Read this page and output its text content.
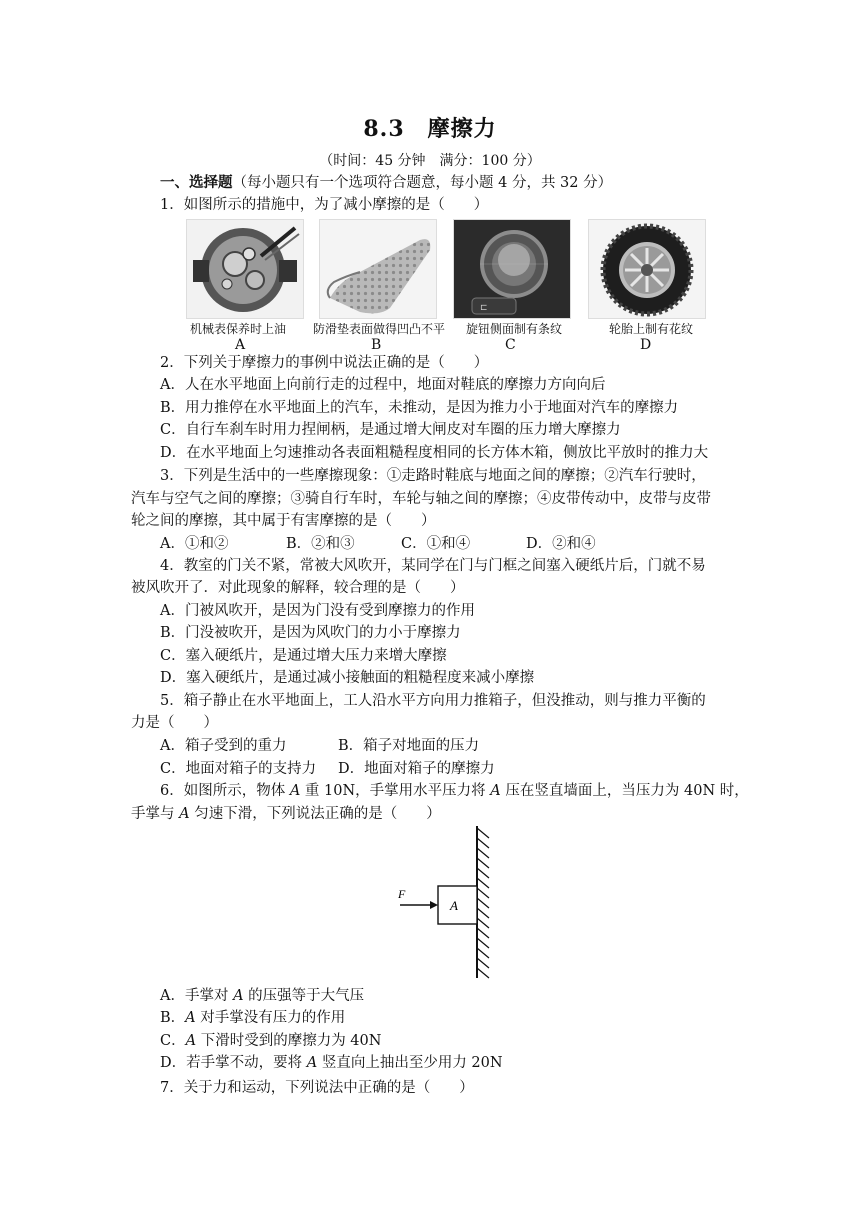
8.3　摩擦力
（时间：45 分钟　满分：100 分）
一、选择题（每小题只有一个选项符合题意，每小题 4 分，共 32 分）
1．如图所示的措施中，为了减小摩擦的是（　　）
⊏
机械表保养时上油 防滑垫表面做得凹凸不平 旋钮侧面制有条纹	轮胎上制有花纹
A	B	C	D
2．下列关于摩擦力的事例中说法正确的是（　　）
A．人在水平地面上向前行走的过程中，地面对鞋底的摩擦力方向向后
B．用力推停在水平地面上的汽车，未推动，是因为推力小于地面对汽车的摩擦力
C．自行车刹车时用力捏闸柄，是通过增大闸皮对车圈的压力增大摩擦力
D．在水平地面上匀速推动各表面粗糙程度相同的长方体木箱，侧放比平放时的推力大
3．下列是生活中的一些摩擦现象：①走路时鞋底与地面之间的摩擦；②汽车行驶时，
汽车与空气之间的摩擦；③骑自行车时，车轮与轴之间的摩擦；④皮带传动中，皮带与皮带
轮之间的摩擦，其中属于有害摩擦的是（　　）
A．①和②	B．②和③	C．①和④	D．②和④
4．教室的门关不紧，常被大风吹开，某同学在门与门框之间塞入硬纸片后，门就不易
被风吹开了．对此现象的解释，较合理的是（　　）
A．门被风吹开，是因为门没有受到摩擦力的作用
B．门没被吹开，是因为风吹门的力小于摩擦力
C．塞入硬纸片，是通过增大压力来增大摩擦
D．塞入硬纸片，是通过减小接触面的粗糙程度来减小摩擦
5．箱子静止在水平地面上，工人沿水平方向用力推箱子，但没推动，则与推力平衡的
力是（　　）
A．箱子受到的重力	B．箱子对地面的压力
C．地面对箱子的支持力 D．地面对箱子的摩擦力
6．如图所示，物体 A 重 10N，手掌用水平压力将 A 压在竖直墙面上，当压力为 40N 时，
手掌与 A 匀速下滑，下列说法正确的是（　　）
A
F
A．手掌对 A 的压强等于大气压
B．A 对手掌没有压力的作用
C．A 下滑时受到的摩擦力为 40N
D．若手掌不动，要将 A 竖直向上抽出至少用力 20N
7．关于力和运动，下列说法中正确的是（　　）
